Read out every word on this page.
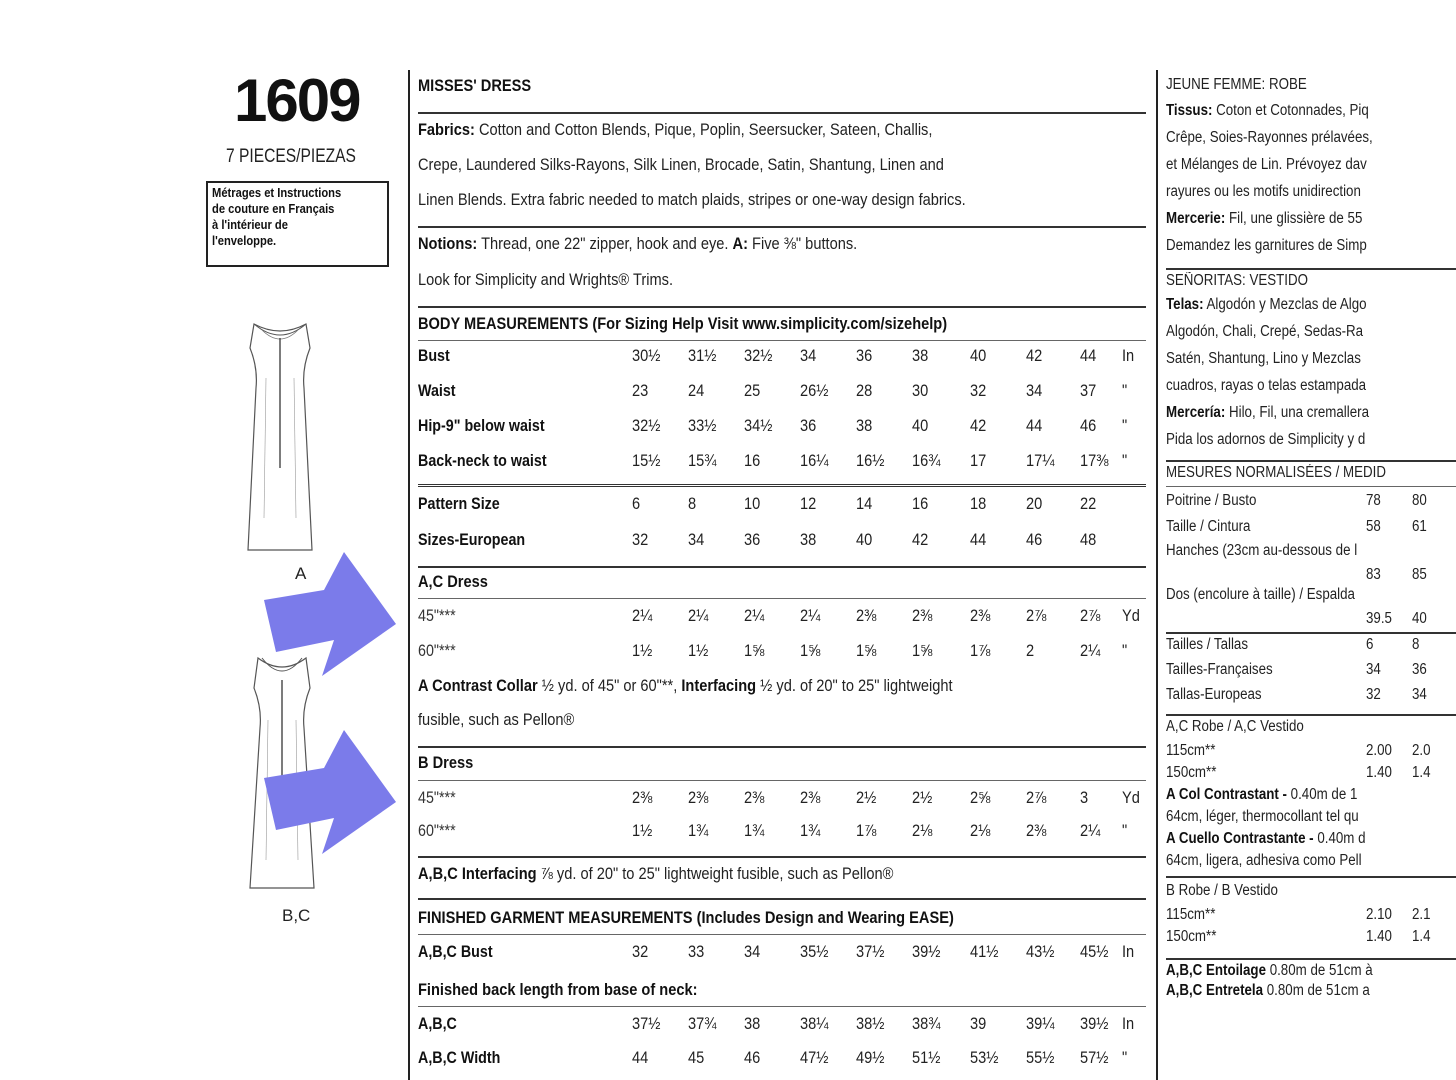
1609
7 PIECES/PIEZAS
Métrages et Instructions
de couture en Français
à l'intérieur de
l'enveloppe.
A
B,C
MISSES' DRESS
Fabrics: Cotton and Cotton Blends, Pique, Poplin, Seersucker, Sateen, Challis,
Crepe, Laundered Silks-Rayons, Silk Linen, Brocade, Satin, Shantung, Linen and
Linen Blends. Extra fabric needed to match plaids, stripes or one-way design fabrics.
Notions: Thread, one 22" zipper, hook and eye. A: Five ⅜" buttons.
Look for Simplicity and Wrights® Trims.
BODY MEASUREMENTS (For Sizing Help Visit www.simplicity.com/sizehelp)
Bust	30½ 31½ 32½ 34 36 38 40 42 44 In
Waist	23 24 25 26½ 28 30 32 34 37 "
Hip-9" below waist	32½ 33½ 34½ 36 38 40 42 44 46 "
Back-neck to waist	15½ 15¾ 16 16¼ 16½ 16¾ 17 17¼ 17⅜ "
Pattern Size	6	8	10 12 14 16 18 20 22
Sizes-European	32 34 36 38 40 42 44 46 48
A,C Dress
45"***	2¼ 2¼ 2¼ 2¼ 2⅜ 2⅜ 2⅜ 2⅞ 2⅞ Yd
60"***	1½ 1½ 1⅝ 1⅝ 1⅝ 1⅝ 1⅞ 2	2¼ "
A Contrast Collar ½ yd. of 45" or 60"**, Interfacing ½ yd. of 20" to 25" lightweight
fusible, such as Pellon®
B Dress
45"***	2⅜ 2⅜ 2⅜ 2⅜ 2½ 2½ 2⅝ 2⅞ 3 Yd
60"***	1½ 1¾ 1¾ 1¾ 1⅞ 2⅛ 2⅛ 2⅜ 2¼ "
A,B,C Interfacing ⅞ yd. of 20" to 25" lightweight fusible, such as Pellon®
FINISHED GARMENT MEASUREMENTS (Includes Design and Wearing EASE)
A,B,C Bust	32 33 34 35½ 37½ 39½ 41½ 43½ 45½ In
Finished back length from base of neck:
A,B,C	37½ 37¾ 38 38¼ 38½ 38¾ 39 39¼ 39½ In
A,B,C Width	44 45 46 47½ 49½ 51½ 53½ 55½ 57½ "
JEUNE FEMME: ROBE
Tissus: Coton et Cotonnades, Piq
Crêpe, Soies-Rayonnes prélavées,
et Mélanges de Lin. Prévoyez dav
rayures ou les motifs unidirection
Mercerie: Fil, une glissière de 55
Demandez les garnitures de Simp
SEÑORITAS: VESTIDO
Telas: Algodón y Mezclas de Algo
Algodón, Chali, Crepé, Sedas-Ra
Satén, Shantung, Lino y Mezclas
cuadros, rayas o telas estampada
Mercería: Hilo, Fil, una cremallera
Pida los adornos de Simplicity y d
MESURES NORMALISÉES / MEDID
Poitrine / Busto	78 80
Taille / Cintura	58 61
Hanches (23cm au-dessous de l
83 85
Dos (encolure à taille) / Espalda
39.5 40
Tailles / Tallas	6 8
Tailles-Françaises	34 36
Tallas-Europeas	32 34
A,C Robe / A,C Vestido
115cm**	2.00 2.0
150cm**	1.40 1.4
A Col Contrastant - 0.40m de 1
64cm, léger, thermocollant tel qu
A Cuello Contrastante - 0.40m d
64cm, ligera, adhesiva como Pell
B Robe / B Vestido
115cm**	2.10 2.1
150cm**	1.40 1.4
A,B,C Entoilage 0.80m de 51cm à
A,B,C Entretela 0.80m de 51cm a
